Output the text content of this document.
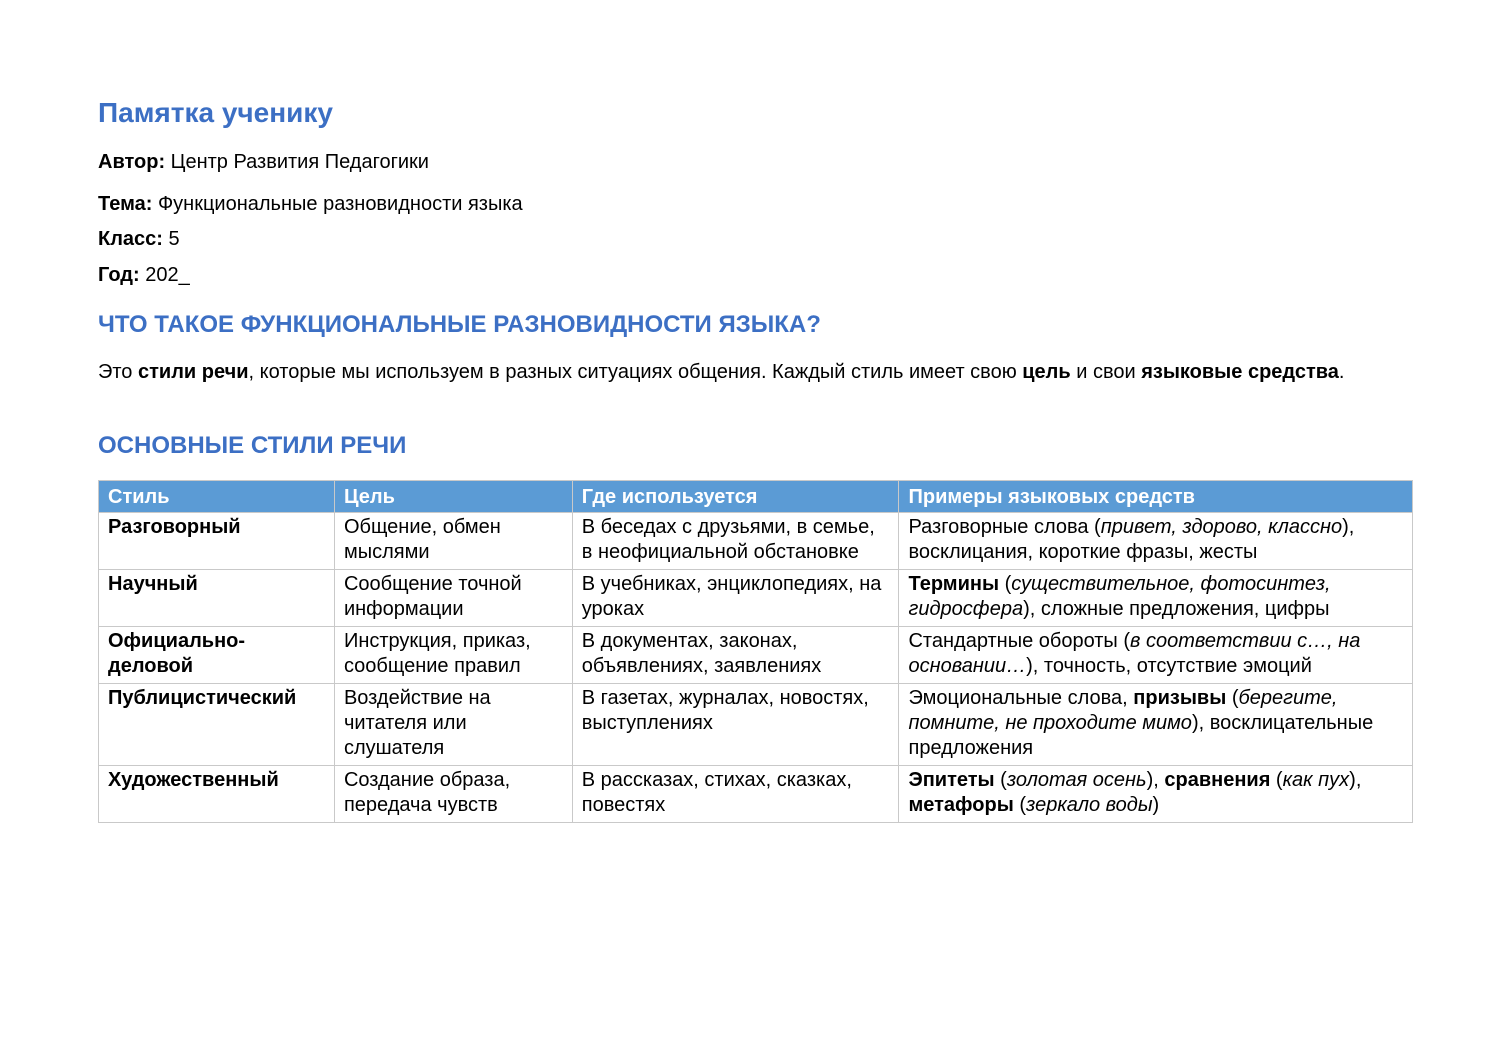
Памятка ученику

Автор: Центр Развития Педагогики

Тема: Функциональные разновидности языка

Класс: 5

Год: 202_

ЧТО ТАКОЕ ФУНКЦИОНАЛЬНЫЕ РАЗНОВИДНОСТИ ЯЗЫКА?

Это стили речи, которые мы используем в разных ситуациях общения. Каждый стиль имеет свою цель и свои языковые средства.

ОСНОВНЫЕ СТИЛИ РЕЧИ
Стиль	Цель	Где используется	Примеры языковых средств
Разговорный	Общение, обмен мыслями	В беседах с друзьями, в семье, в неофициальной обстановке	Разговорные слова (привет, здорово, классно), восклицания, короткие фразы, жесты
Научный	Сообщение точной информации	В учебниках, энциклопедиях, на уроках	Термины (существительное, фотосинтез, гидросфера), сложные предложения, цифры
Официально-деловой	Инструкция, приказ, сообщение правил	В документах, законах, объявлениях, заявлениях	Стандартные обороты (в соответствии с…, на основании…), точность, отсутствие эмоций
Публицистический	Воздействие на читателя или слушателя	В газетах, журналах, новостях, выступлениях	Эмоциональные слова, призывы (берегите, помните, не проходите мимо), восклицательные предложения
Художественный	Создание образа, передача чувств	В рассказах, стихах, сказках, повестях	Эпитеты (золотая осень), сравнения (как пух), метафоры (зеркало воды)
